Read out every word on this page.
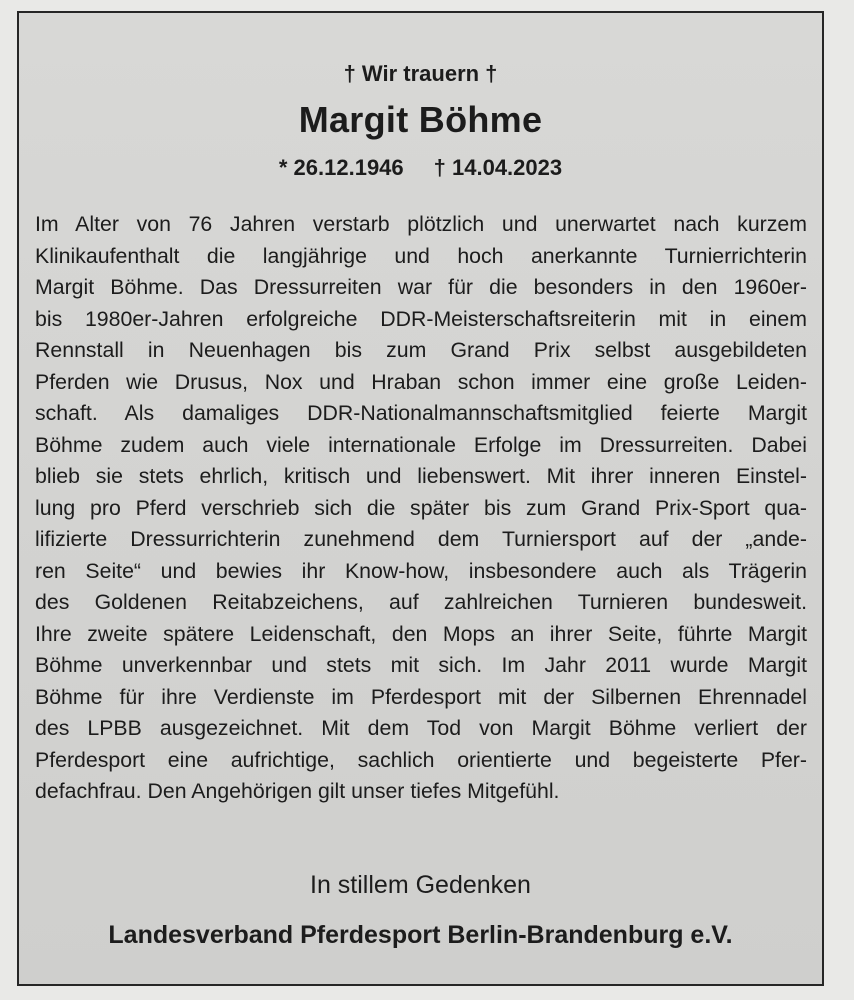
† Wir trauern †
Margit Böhme
* 26.12.1946 † 14.04.2023
Im Alter von 76 Jahren verstarb plötzlich und unerwartet nach kurzem
Klinikaufenthalt die langjährige und hoch anerkannte Turnierrichterin
Margit Böhme. Das Dressurreiten war für die besonders in den 1960er-
bis 1980er-Jahren erfolgreiche DDR-Meisterschaftsreiterin mit in einem
Rennstall in Neuenhagen bis zum Grand Prix selbst ausgebildeten
Pferden wie Drusus, Nox und Hraban schon immer eine große Leiden-
schaft. Als damaliges DDR-Nationalmannschaftsmitglied feierte Margit
Böhme zudem auch viele internationale Erfolge im Dressurreiten. Dabei
blieb sie stets ehrlich, kritisch und liebenswert. Mit ihrer inneren Einstel-
lung pro Pferd verschrieb sich die später bis zum Grand Prix-Sport qua-
lifizierte Dressurrichterin zunehmend dem Turniersport auf der „ande-
ren Seite“ und bewies ihr Know-how, insbesondere auch als Trägerin
des Goldenen Reitabzeichens, auf zahlreichen Turnieren bundesweit.
Ihre zweite spätere Leidenschaft, den Mops an ihrer Seite, führte Margit
Böhme unverkennbar und stets mit sich. Im Jahr 2011 wurde Margit
Böhme für ihre Verdienste im Pferdesport mit der Silbernen Ehrennadel
des LPBB ausgezeichnet. Mit dem Tod von Margit Böhme verliert der
Pferdesport eine aufrichtige, sachlich orientierte und begeisterte Pfer-
defachfrau. Den Angehörigen gilt unser tiefes Mitgefühl.
In stillem Gedenken
Landesverband Pferdesport Berlin-Brandenburg e.V.
